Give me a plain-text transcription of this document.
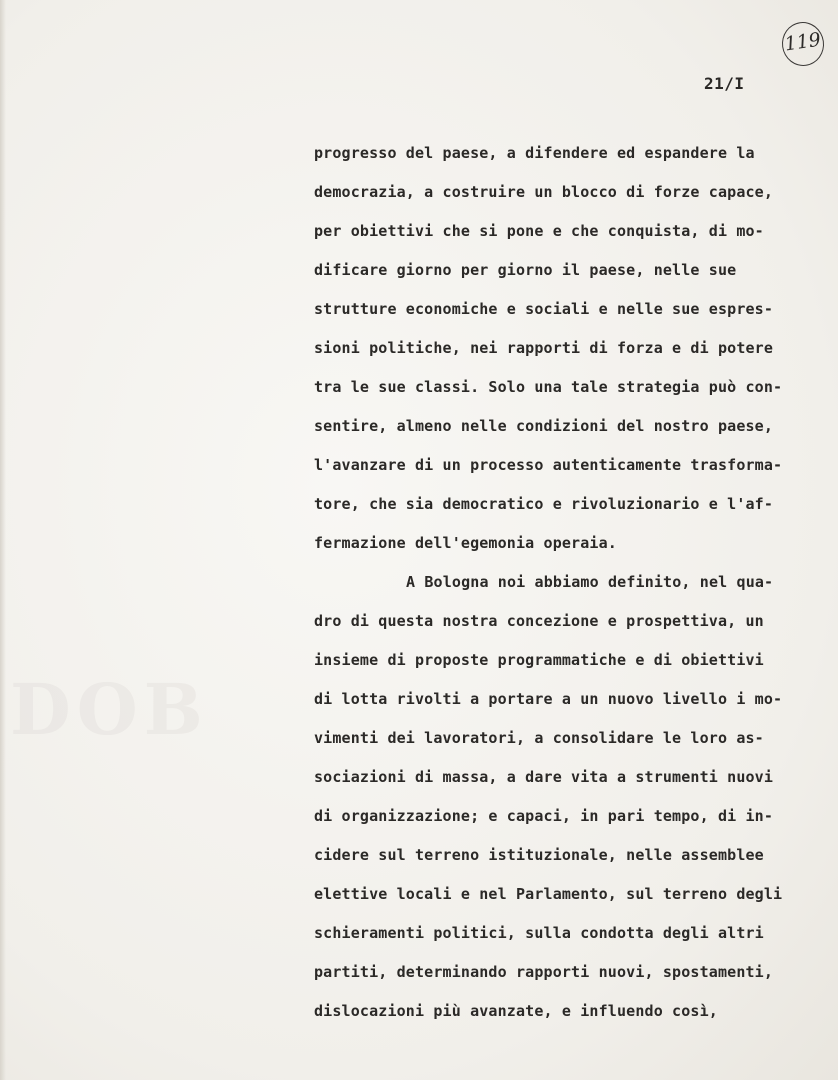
DOB
119
21/I
progresso del paese, a difendere ed espandere la
democrazia, a costruire un blocco di forze capace,
per obiettivi che si pone e che conquista, di mo-
dificare giorno per giorno il paese, nelle sue
strutture economiche e sociali e nelle sue espres-
sioni politiche, nei rapporti di forza e di potere
tra le sue classi. Solo una tale strategia può con-
sentire, almeno nelle condizioni del nostro paese,
l'avanzare di un processo autenticamente trasforma-
tore, che sia democratico e rivoluzionario e l'af-
fermazione dell'egemonia operaia.
A Bologna noi abbiamo definito, nel qua-
dro di questa nostra concezione e prospettiva, un
insieme di proposte programmatiche e di obiettivi
di lotta rivolti a portare a un nuovo livello i mo-
vimenti dei lavoratori, a consolidare le loro as-
sociazioni di massa, a dare vita a strumenti nuovi
di organizzazione; e capaci, in pari tempo, di in-
cidere sul terreno istituzionale, nelle assemblee
elettive locali e nel Parlamento, sul terreno degli
schieramenti politici, sulla condotta degli altri
partiti, determinando rapporti nuovi, spostamenti,
dislocazioni più avanzate, e influendo così,
